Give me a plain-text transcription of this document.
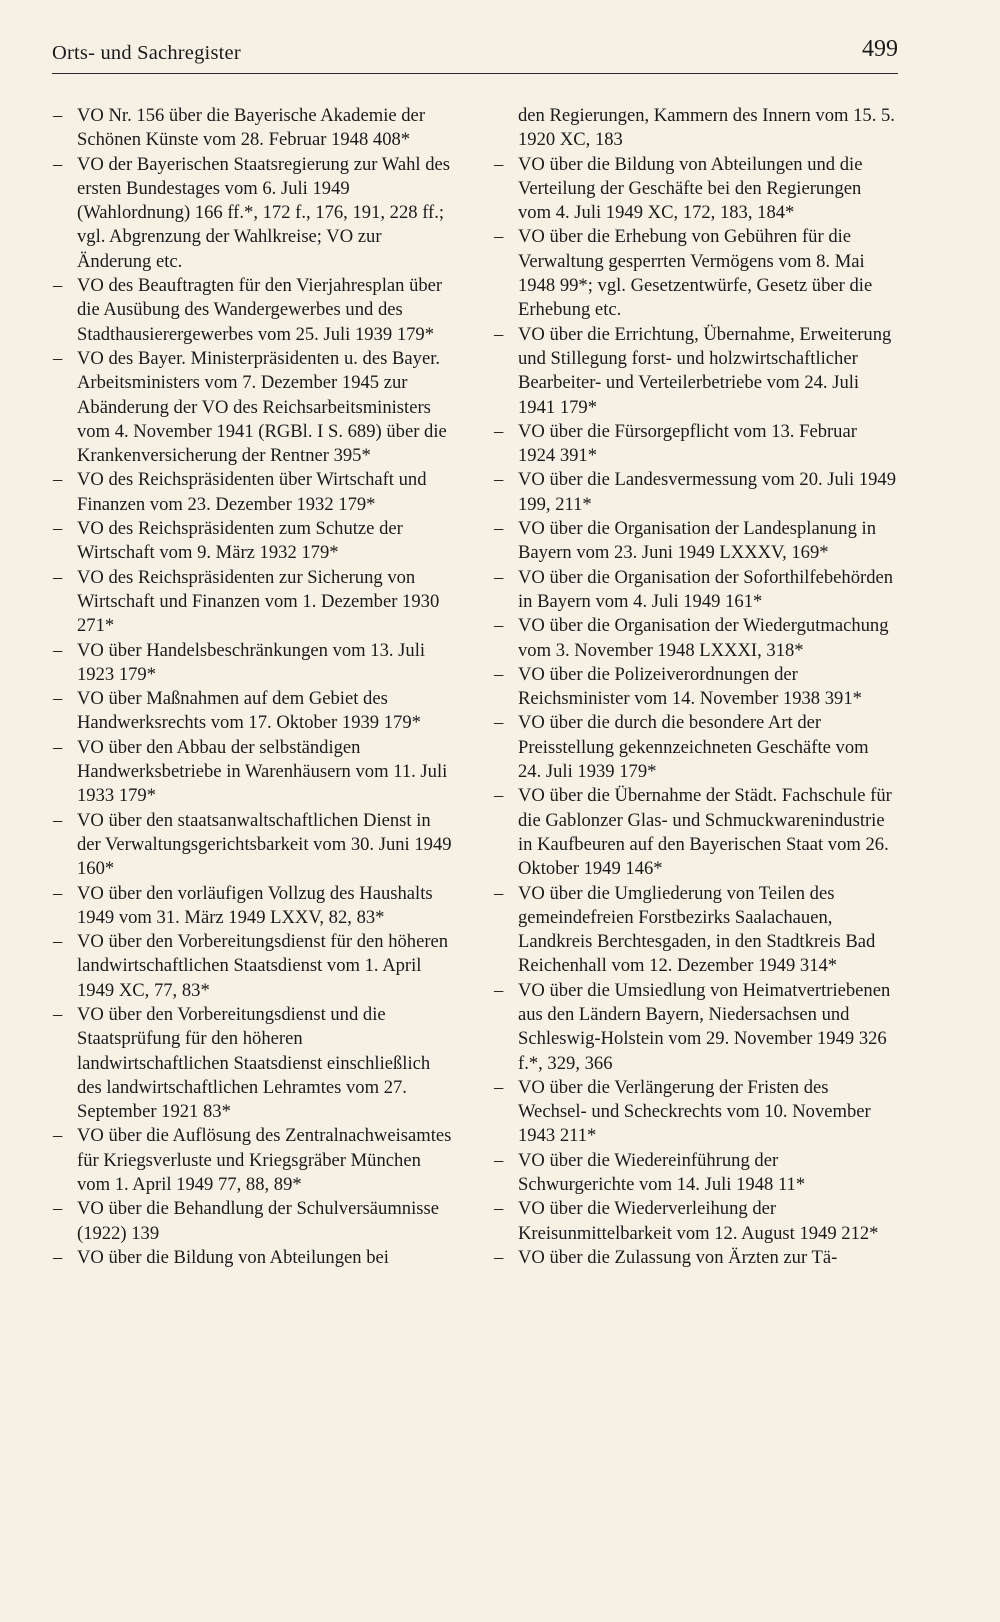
Orts- und Sachregister	499

– VO Nr. 156 über die Bayerische Akademie der Schönen Künste vom 28. Februar 1948 408*

– VO der Bayerischen Staatsregierung zur Wahl des ersten Bundestages vom 6. Juli 1949 (Wahlordnung) 166 ff.*, 172 f., 176, 191, 228 ff.; vgl. Abgrenzung der Wahlkreise; VO zur Änderung etc.

– VO des Beauftragten für den Vierjahresplan über die Ausübung des Wandergewerbes und des Stadthausierergewerbes vom 25. Juli 1939 179*

– VO des Bayer. Ministerpräsidenten u. des Bayer. Arbeitsministers vom 7. Dezember 1945 zur Abänderung der VO des Reichsarbeitsministers vom 4. November 1941 (RGBl. I S. 689) über die Krankenversicherung der Rentner 395*

– VO des Reichspräsidenten über Wirtschaft und Finanzen vom 23. Dezember 1932 179*

– VO des Reichspräsidenten zum Schutze der Wirtschaft vom 9. März 1932 179*

– VO des Reichspräsidenten zur Sicherung von Wirtschaft und Finanzen vom 1. Dezember 1930 271*

– VO über Handelsbeschränkungen vom 13. Juli 1923 179*

– VO über Maßnahmen auf dem Gebiet des Handwerksrechts vom 17. Oktober 1939 179*

– VO über den Abbau der selbständigen Handwerksbetriebe in Warenhäusern vom 11. Juli 1933 179*

– VO über den staatsanwaltschaftlichen Dienst in der Verwaltungsgerichtsbarkeit vom 30. Juni 1949 160*

– VO über den vorläufigen Vollzug des Haushalts 1949 vom 31. März 1949 LXXV, 82, 83*

– VO über den Vorbereitungsdienst für den höheren landwirtschaftlichen Staatsdienst vom 1. April 1949 XC, 77, 83*

– VO über den Vorbereitungsdienst und die Staatsprüfung für den höheren landwirtschaftlichen Staatsdienst einschließlich des landwirtschaftlichen Lehramtes vom 27. September 1921 83*

– VO über die Auflösung des Zentralnachweisamtes für Kriegsverluste und Kriegsgräber München vom 1. April 1949 77, 88, 89*

– VO über die Behandlung der Schulversäumnisse (1922) 139

– VO über die Bildung von Abteilungen bei

den Regierungen, Kammern des Innern vom 15. 5. 1920 XC, 183

– VO über die Bildung von Abteilungen und die Verteilung der Geschäfte bei den Regierungen vom 4. Juli 1949 XC, 172, 183, 184*

– VO über die Erhebung von Gebühren für die Verwaltung gesperrten Vermögens vom 8. Mai 1948 99*; vgl. Gesetzentwürfe, Gesetz über die Erhebung etc.

– VO über die Errichtung, Übernahme, Erweiterung und Stillegung forst- und holzwirtschaftlicher Bearbeiter- und Verteilerbetriebe vom 24. Juli 1941 179*

– VO über die Fürsorgepflicht vom 13. Februar 1924 391*

– VO über die Landesvermessung vom 20. Juli 1949 199, 211*

– VO über die Organisation der Landesplanung in Bayern vom 23. Juni 1949 LXXXV, 169*

– VO über die Organisation der Soforthilfebehörden in Bayern vom 4. Juli 1949 161*

– VO über die Organisation der Wiedergutmachung vom 3. November 1948 LXXXI, 318*

– VO über die Polizeiverordnungen der Reichsminister vom 14. November 1938 391*

– VO über die durch die besondere Art der Preisstellung gekennzeichneten Geschäfte vom 24. Juli 1939 179*

– VO über die Übernahme der Städt. Fachschule für die Gablonzer Glas- und Schmuckwarenindustrie in Kaufbeuren auf den Bayerischen Staat vom 26. Oktober 1949 146*

– VO über die Umgliederung von Teilen des gemeindefreien Forstbezirks Saalachauen, Landkreis Berchtesgaden, in den Stadtkreis Bad Reichenhall vom 12. Dezember 1949 314*

– VO über die Umsiedlung von Heimatvertriebenen aus den Ländern Bayern, Niedersachsen und Schleswig-Holstein vom 29. November 1949 326 f.*, 329, 366

– VO über die Verlängerung der Fristen des Wechsel- und Scheckrechts vom 10. November 1943 211*

– VO über die Wiedereinführung der Schwurgerichte vom 14. Juli 1948 11*

– VO über die Wiederverleihung der Kreisunmittelbarkeit vom 12. August 1949 212*

– VO über die Zulassung von Ärzten zur Tä-
